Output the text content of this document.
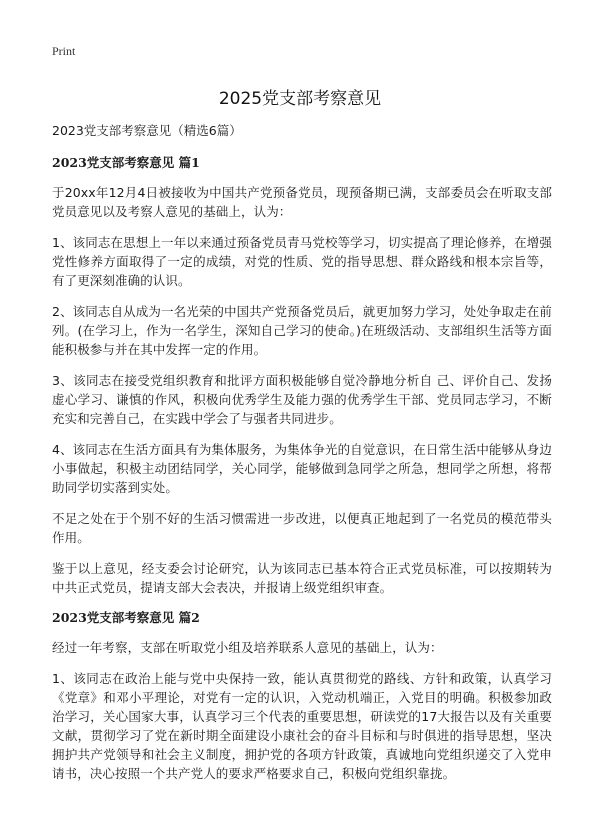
Print
2025党支部考察意见

2023党支部考察意见（精选6篇）

2023党支部考察意见 篇1

于20xx年12月4日被接收为中国共产党预备党员，现预备期已满，支部委员会在听取支部党员意见以及考察人意见的基础上，认为：

1、该同志在思想上一年以来通过预备党员青马党校等学习，切实提高了理论修养，在增强党性修养方面取得了一定的成绩，对党的性质、党的指导思想、群众路线和根本宗旨等，有了更深刻准确的认识。

2、该同志自从成为一名光荣的中国共产党预备党员后，就更加努力学习，处处争取走在前列。(在学习上，作为一名学生，深知自己学习的使命。)在班级活动、支部组织生活等方面能积极参与并在其中发挥一定的作用。

3、该同志在接受党组织教育和批评方面积极能够自觉冷静地分析自 己、评价自己、发扬虚心学习、谦慎的作风，积极向优秀学生及能力强的优秀学生干部、党员同志学习，不断充实和完善自己，在实践中学会了与强者共同进步。

4、该同志在生活方面具有为集体服务，为集体争光的自觉意识，在日常生活中能够从身边小事做起，积极主动团结同学，关心同学，能够做到急同学之所急，想同学之所想，将帮助同学切实落到实处。

不足之处在于个别不好的生活习惯需进一步改进，以便真正地起到了一名党员的模范带头作用。

鉴于以上意见，经支委会讨论研究，认为该同志已基本符合正式党员标准，可以按期转为中共正式党员，提请支部大会表决，并报请上级党组织审查。

2023党支部考察意见 篇2

经过一年考察，支部在听取党小组及培养联系人意见的基础上，认为：

1、该同志在政治上能与党中央保持一致，能认真贯彻党的路线、方针和政策，认真学习《党章》和邓小平理论，对党有一定的认识，入党动机端正，入党目的明确。积极参加政治学习，关心国家大事，认真学习三个代表的重要思想，研读党的17大报告以及有关重要文献，贯彻学习了党在新时期全面建设小康社会的奋斗目标和与时俱进的指导思想，坚决拥护共产党领导和社会主义制度，拥护党的各项方针政策，真诚地向党组织递交了入党申请书，决心按照一个共产党人的要求严格要求自己，积极向党组织靠拢。
